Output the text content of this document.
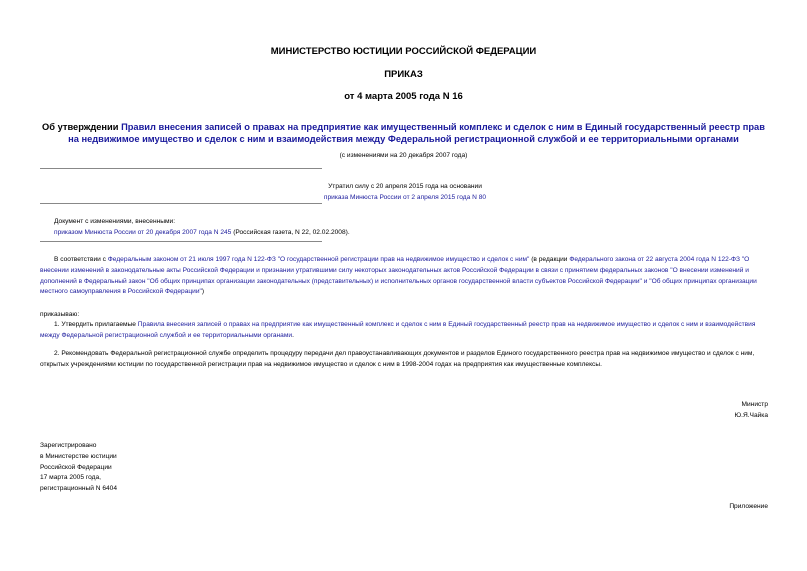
МИНИСТЕРСТВО ЮСТИЦИИ РОССИЙСКОЙ ФЕДЕРАЦИИ
ПРИКАЗ
от 4 марта 2005 года N 16
Об утверждении Правил внесения записей о правах на предприятие как имущественный комплекс и сделок с ним в Единый государственный реестр прав на недвижимое имущество и сделок с ним и взаимодействия между Федеральной регистрационной службой и ее территориальными органами
(с изменениями на 20 декабря 2007 года)
Утратил силу с 20 апреля 2015 года на основании
приказа Минюста России от 2 апреля 2015 года N 80
Документ с изменениями, внесенными:
приказом Минюста России от 20 декабря 2007 года N 245 (Российская газета, N 22, 02.02.2008).
В соответствии с Федеральным законом от 21 июля 1997 года N 122-ФЗ "О государственной регистрации прав на недвижимое имущество и сделок с ним" (в редакции Федерального закона от 22 августа 2004 года N 122-ФЗ "О внесении изменений в законодательные акты Российской Федерации и признании утратившими силу некоторых законодательных актов Российской Федерации в связи с принятием федеральных законов "О внесении изменений и дополнений в Федеральный закон "Об общих принципах организации законодательных (представительных) и исполнительных органов государственной власти субъектов Российской Федерации" и "Об общих принципах организации местного самоуправления в Российской Федерации")
приказываю:
1. Утвердить прилагаемые Правила внесения записей о правах на предприятие как имущественный комплекс и сделок с ним в Единый государственный реестр прав на недвижимое имущество и сделок с ним и взаимодействия между Федеральной регистрационной службой и ее территориальными органами.
2. Рекомендовать Федеральной регистрационной службе определить процедуру передачи дел правоустанавливающих документов и разделов Единого государственного реестра прав на недвижимое имущество и сделок с ним, открытых учреждениями юстиции по государственной регистрации прав на недвижимое имущество и сделок с ним в 1998-2004 годах на предприятия как имущественные комплексы.
Министр
Ю.Я.Чайка
Зарегистрировано
в Министерстве юстиции
Российской Федерации
17 марта 2005 года,
регистрационный N 6404
Приложение
